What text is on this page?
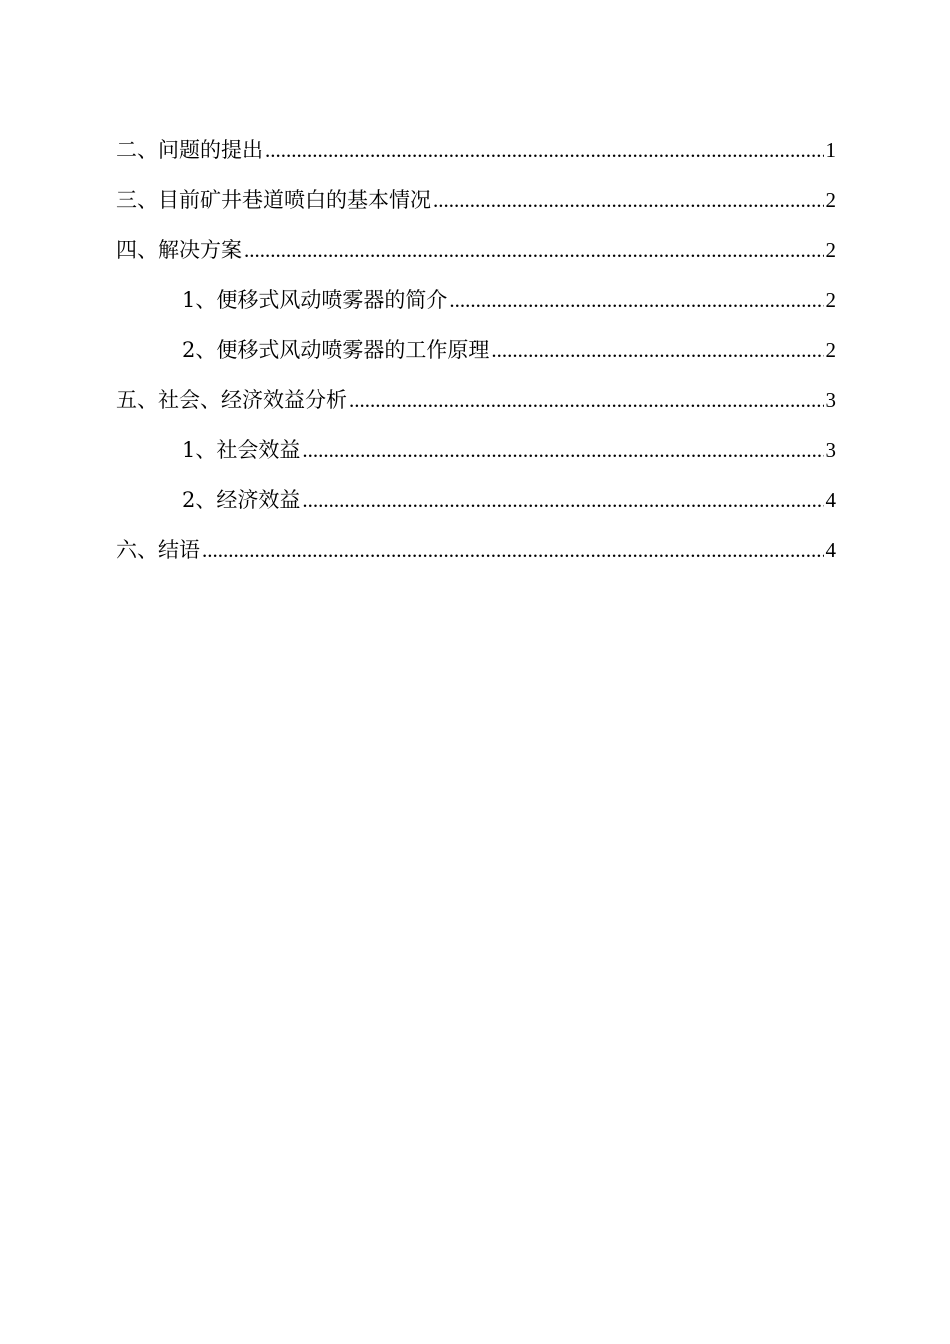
二、问题的提出 .....	1
三、目前矿井巷道喷白的基本情况 .....	2
四、解决方案 .....	2
1、便移式风动喷雾器的简介 .....	2
2、便移式风动喷雾器的工作原理 .....	2
五、社会、经济效益分析 .....	3
1、社会效益 .....	3
2、经济效益 .....	4
六、结语 .....	4
